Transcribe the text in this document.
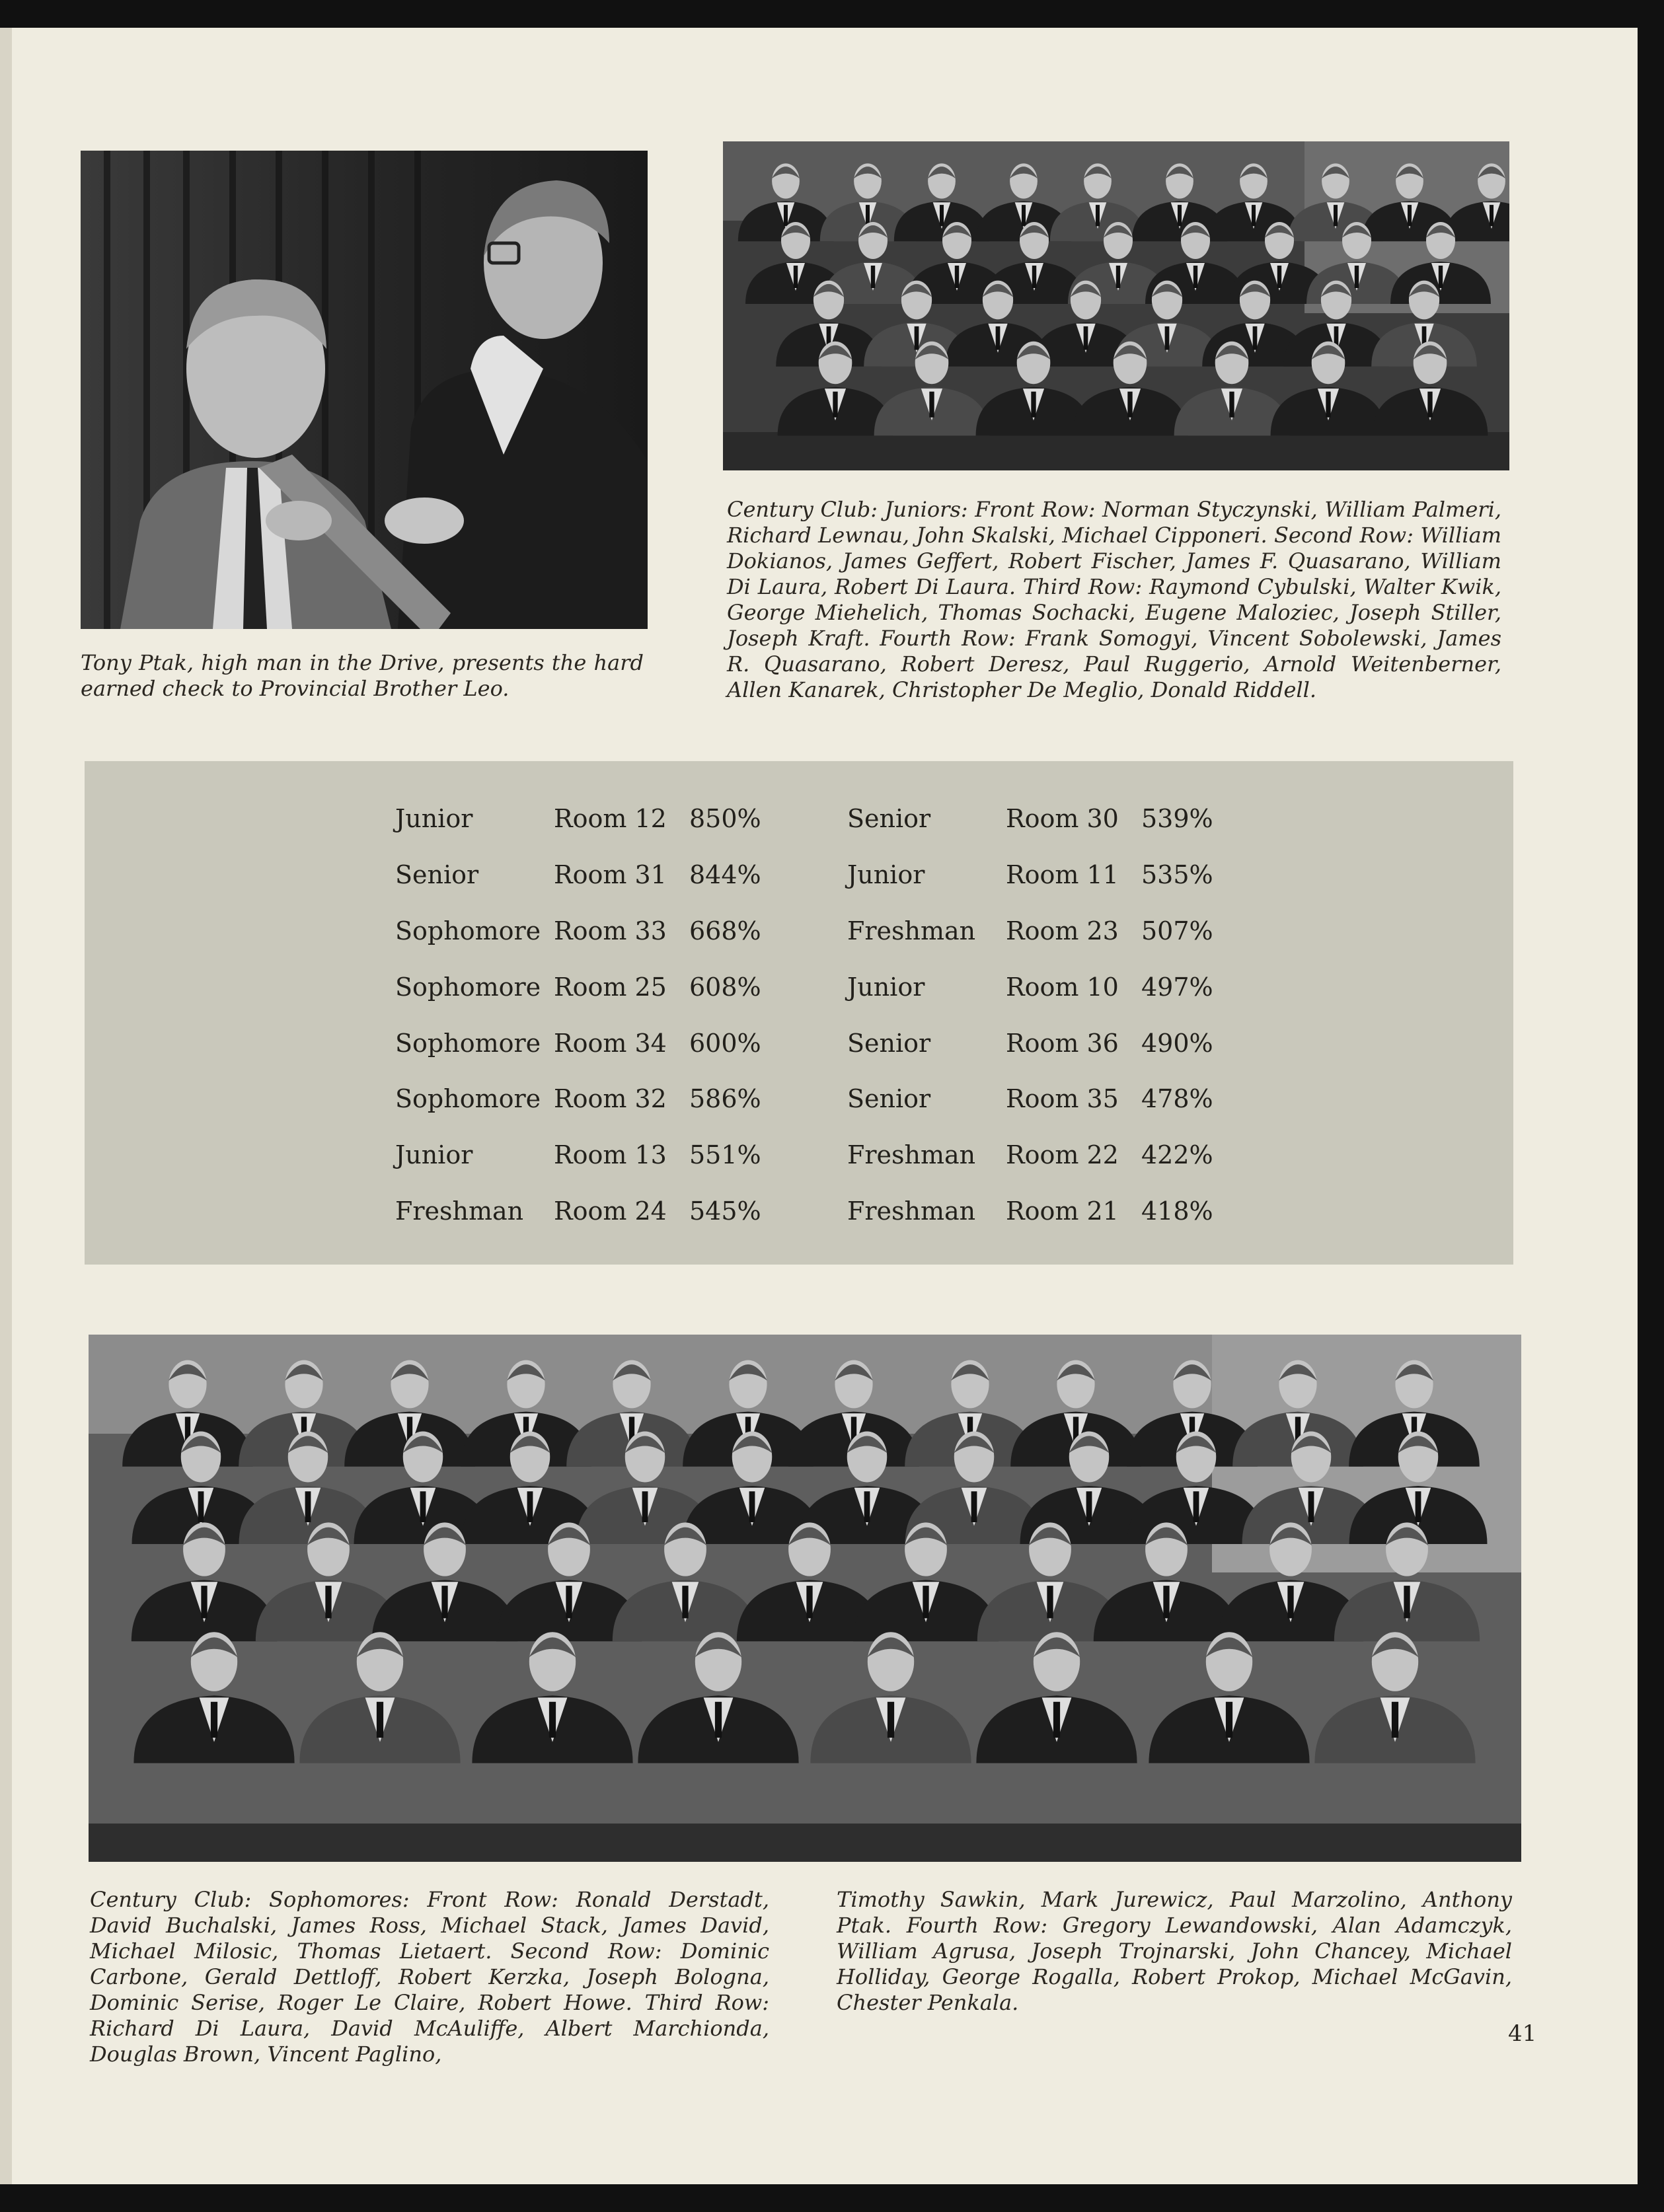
Tony Ptak, high man in the Drive, presents the hard earned check to Provincial Brother Leo.

Century Club: Juniors: Front Row: Norman Styczynski, William Palmeri, Richard Lewnau, John Skalski, Michael Cipponeri. Second Row: William Dokianos, James Geffert, Robert Fischer, James F. Quasarano, William Di Laura, Robert Di Laura. Third Row: Raymond Cybulski, Walter Kwik, George Miehelich, Thomas Sochacki, Eugene Maloziec, Joseph Stiller, Joseph Kraft. Fourth Row: Frank Somogyi, Vincent Sobolewski, James R. Quasarano, Robert Deresz, Paul Ruggerio, Arnold Weitenberner, Allen Kanarek, Christopher De Meglio, Donald Riddell.

Junior	Room 12 850%
Senior	Room 31 844%
Sophomore Room 33 668%
Sophomore Room 25 608%
Sophomore Room 34 600%
Sophomore Room 32 586%
Junior	Room 13 551%
Freshman	Room 24 545%
Senior	Room 30 539%
Junior	Room 11 535%
Freshman	Room 23 507%
Junior	Room 10 497%
Senior	Room 36 490%
Senior	Room 35 478%
Freshman	Room 22 422%
Freshman	Room 21 418%

Century Club: Sophomores: Front Row: Ronald Derstadt, David Buchalski, James Ross, Michael Stack, James David, Michael Milosic, Thomas Lietaert. Second Row: Dominic Carbone, Gerald Dettloff, Robert Kerzka, Joseph Bologna, Dominic Serise, Roger Le Claire, Robert Howe. Third Row: Richard Di Laura, David McAuliffe, Albert Marchionda, Douglas Brown, Vincent Paglino,

Timothy Sawkin, Mark Jurewicz, Paul Marzolino, Anthony Ptak. Fourth Row: Gregory Lewandowski, Alan Adamczyk, William Agrusa, Joseph Trojnarski, John Chancey, Michael Holliday, George Rogalla, Robert Prokop, Michael McGavin, Chester Penkala.

41
